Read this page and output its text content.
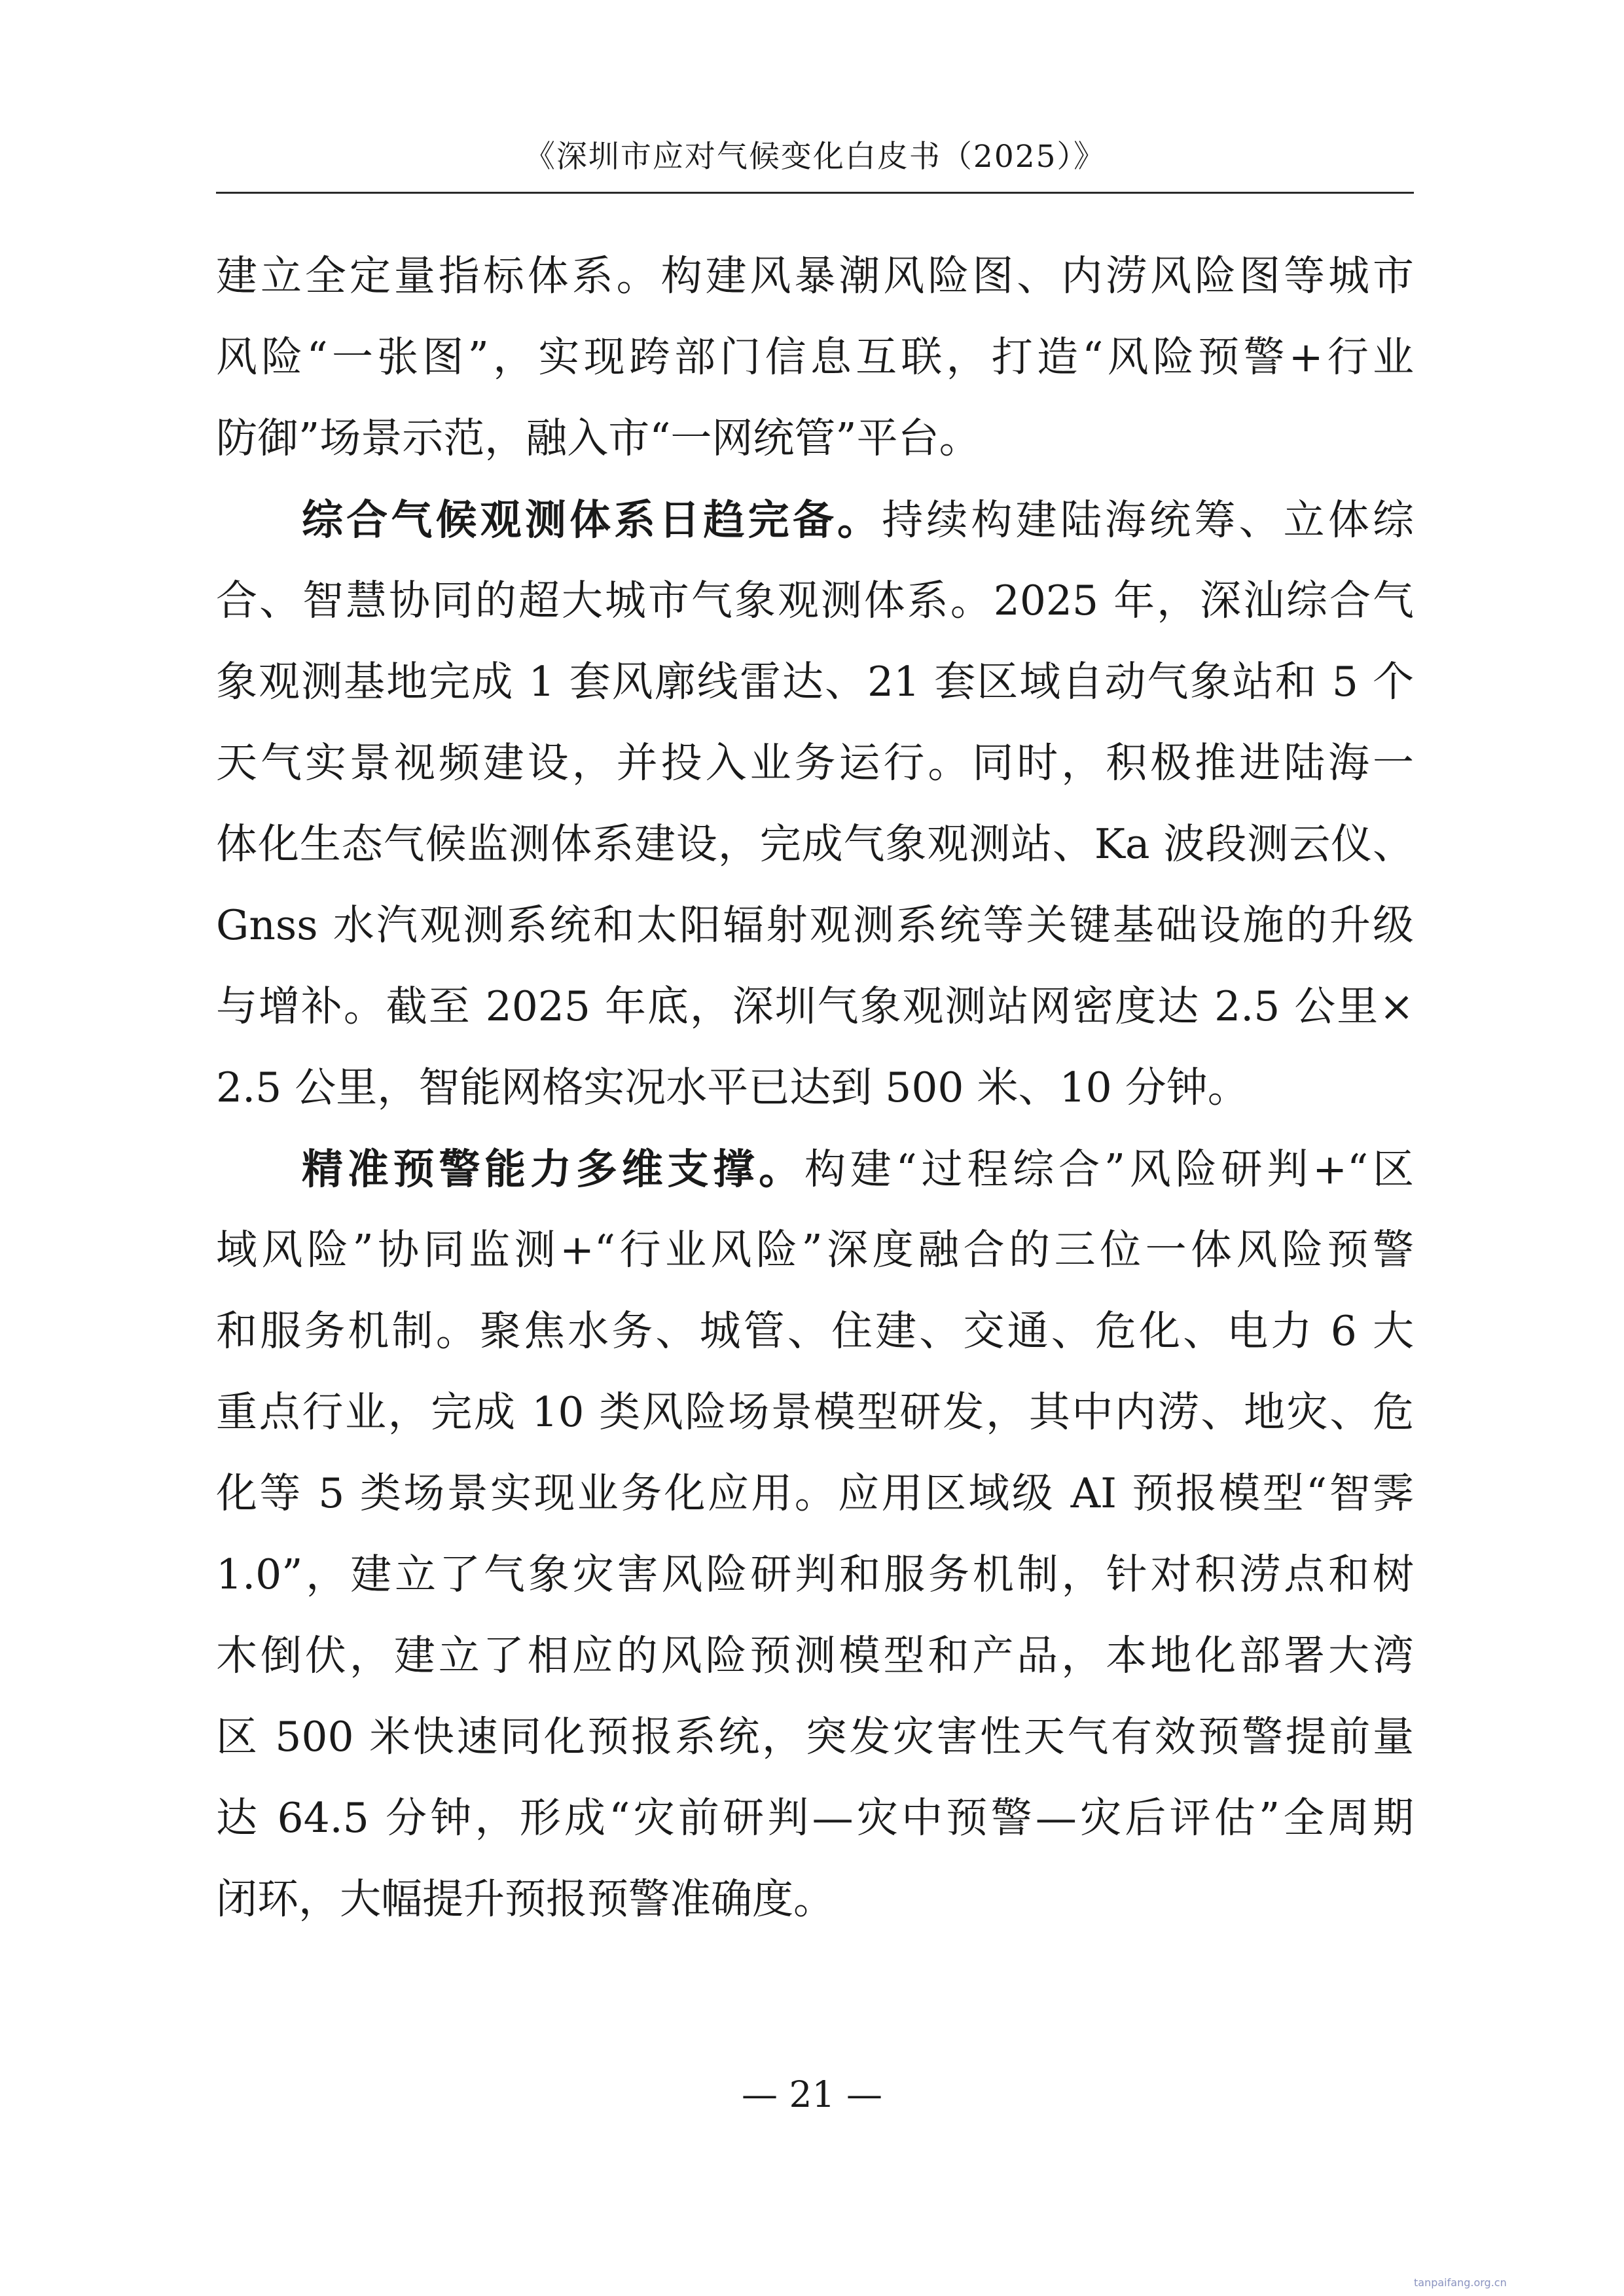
《深圳市应对气候变化白皮书（2025）》
建立全定量指标体系。构建风暴潮风险图、内涝风险图等城市
风险“一张图”，实现跨部门信息互联，打造“风险预警+行业
防御”场景示范，融入市“一网统管”平台。
综合气候观测体系日趋完备。持续构建陆海统筹、立体综
合、智慧协同的超大城市气象观测体系。2025 年，深汕综合气
象观测基地完成 1 套风廓线雷达、21 套区域自动气象站和 5 个
天气实景视频建设，并投入业务运行。同时，积极推进陆海一
体化生态气候监测体系建设，完成气象观测站、Ka 波段测云仪、
Gnss 水汽观测系统和太阳辐射观测系统等关键基础设施的升级
与增补。截至 2025 年底，深圳气象观测站网密度达 2.5 公里×
2.5 公里，智能网格实况水平已达到 500 米、10 分钟。
精准预警能力多维支撑。构建“过程综合”风险研判+“区
域风险”协同监测+“行业风险”深度融合的三位一体风险预警
和服务机制。聚焦水务、城管、住建、交通、危化、电力 6 大
重点行业，完成 10 类风险场景模型研发，其中内涝、地灾、危
化等 5 类场景实现业务化应用。应用区域级 AI 预报模型“智霁
1.0”，建立了气象灾害风险研判和服务机制，针对积涝点和树
木倒伏，建立了相应的风险预测模型和产品，本地化部署大湾
区 500 米快速同化预报系统，突发灾害性天气有效预警提前量
达 64.5 分钟，形成“灾前研判—灾中预警—灾后评估”全周期
闭环，大幅提升预报预警准确度。
— 21 —
tanpaifang.org.cn
